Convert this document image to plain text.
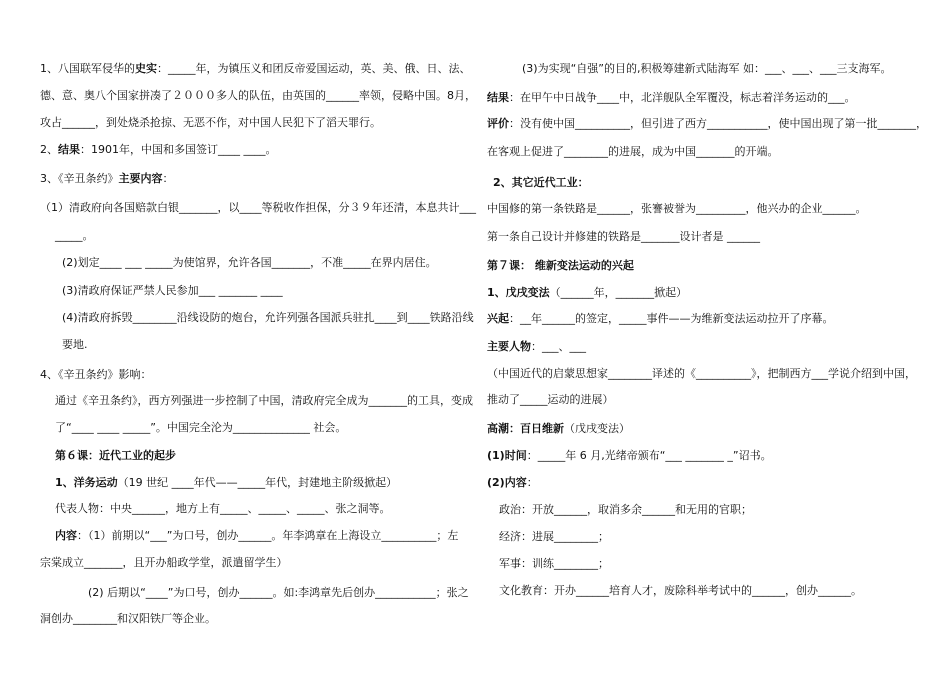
1、八国联军侵华的史实：_____年，为镇压义和团反帝爱国运动，英、美、俄、日、法、
德、意、奥八个国家拼凑了２０００多人的队伍，由英国的______率领，侵略中国。8月，
攻占______，到处烧杀抢掠、无恶不作，对中国人民犯下了滔天罪行。
2、结果：1901年，中国和多国签订____ ____。
3、《辛丑条约》主要内容：
（1）清政府向各国赔款白银_______，以____等税收作担保，分３９年还清，本息共计___
_____。
(2)划定____ ___ _____为使馆界，允许各国_______，不准_____在界内居住。
(3)清政府保证严禁人民参加___ _______ ____
(4)清政府拆毁________沿线设防的炮台，允许列强各国派兵驻扎____到____铁路沿线
要地.
4、《辛丑条约》影响：
通过《辛丑条约》，西方列强进一步控制了中国，清政府完全成为_______的工具，变成
了“____ ____ _____”。中国完全沦为______________ 社会。
第６课：近代工业的起步
1、洋务运动（19 世纪 ____年代——_____年代，封建地主阶级掀起）
代表人物：中央______，地方上有_____、_____、_____、张之洞等。
内容：（1）前期以“___”为口号，创办______。年李鸿章在上海设立__________；左
宗棠成立_______，且开办船政学堂，派遣留学生）
(2) 后期以“____”为口号，创办______。如:李鸿章先后创办___________；张之
洞创办________和汉阳铁厂等企业。
(3)为实现“自强”的目的,积极筹建新式陆海军 如：___、___、___三支海军。
结果：在甲午中日战争____中，北洋舰队全军覆没，标志着洋务运动的___。
评价：没有使中国__________，但引进了西方___________，使中国出现了第一批_______，
在客观上促进了________的进展，成为中国_______的开端。
2、其它近代工业：
中国修的第一条铁路是______，张謇被誉为_________，他兴办的企业______。
第一条自己设计并修建的铁路是_______设计者是 ______
第７课： 维新变法运动的兴起
1、戊戌变法（______年，_______掀起）
兴起：__年______的签定，_____事件——为维新变法运动拉开了序幕。
主要人物：___、___
（中国近代的启蒙思想家________译述的《__________》，把制西方___学说介绍到中国，
推动了_____运动的进展）
高潮：百日维新（戊戌变法）
(1)时间：_____年 6 月,光绪帝颁布“___ _______ _”诏书。
(2)内容：
政治：开放______，取消多余______和无用的官职；
经济：进展________；
军事：训练________；
文化教育：开办______培育人才，废除科举考试中的______，创办______。
